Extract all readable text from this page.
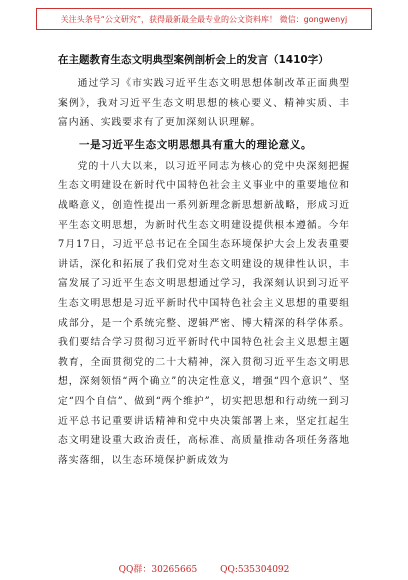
关注头条号“公文研究”，获得最新最全最专业的公文资料库！ 微信：gongwenyj
在主题教育生态文明典型案例剖析会上的发言（1410字）

通过学习《市实践习近平生态文明思想体制改革正面典型案例》，我对习近平生态文明思想的核心要义、精神实质、丰富内涵、实践要求有了更加深刻认识理解。

一是习近平生态文明思想具有重大的理论意义。

党的十八大以来，以习近平同志为核心的党中央深刻把握生态文明建设在新时代中国特色社会主义事业中的重要地位和战略意义，创造性提出一系列新理念新思想新战略，形成习近平生态文明思想，为新时代生态文明建设提供根本遵循。今年7月17日，习近平总书记在全国生态环境保护大会上发表重要讲话，深化和拓展了我们党对生态文明建设的规律性认识，丰富发展了习近平生态文明思想通过学习，我深刻认识到习近平生态文明思想是习近平新时代中国特色社会主义思想的重要组成部分，是一个系统完整、逻辑严密、博大精深的科学体系。我们要结合学习贯彻习近平新时代中国特色社会主义思想主题教育，全面贯彻党的二十大精神，深入贯彻习近平生态文明思想，深刻领悟“两个确立”的决定性意义，增强“四个意识”、坚定“四个自信”、做到“两个维护”，切实把思想和行动统一到习近平总书记重要讲话精神和党中央决策部署上来，坚定扛起生态文明建设重大政治责任，高标准、高质量推动各项任务落地落实落细，以生态环境保护新成效为

QQ群：30265665	QQ:535304092
